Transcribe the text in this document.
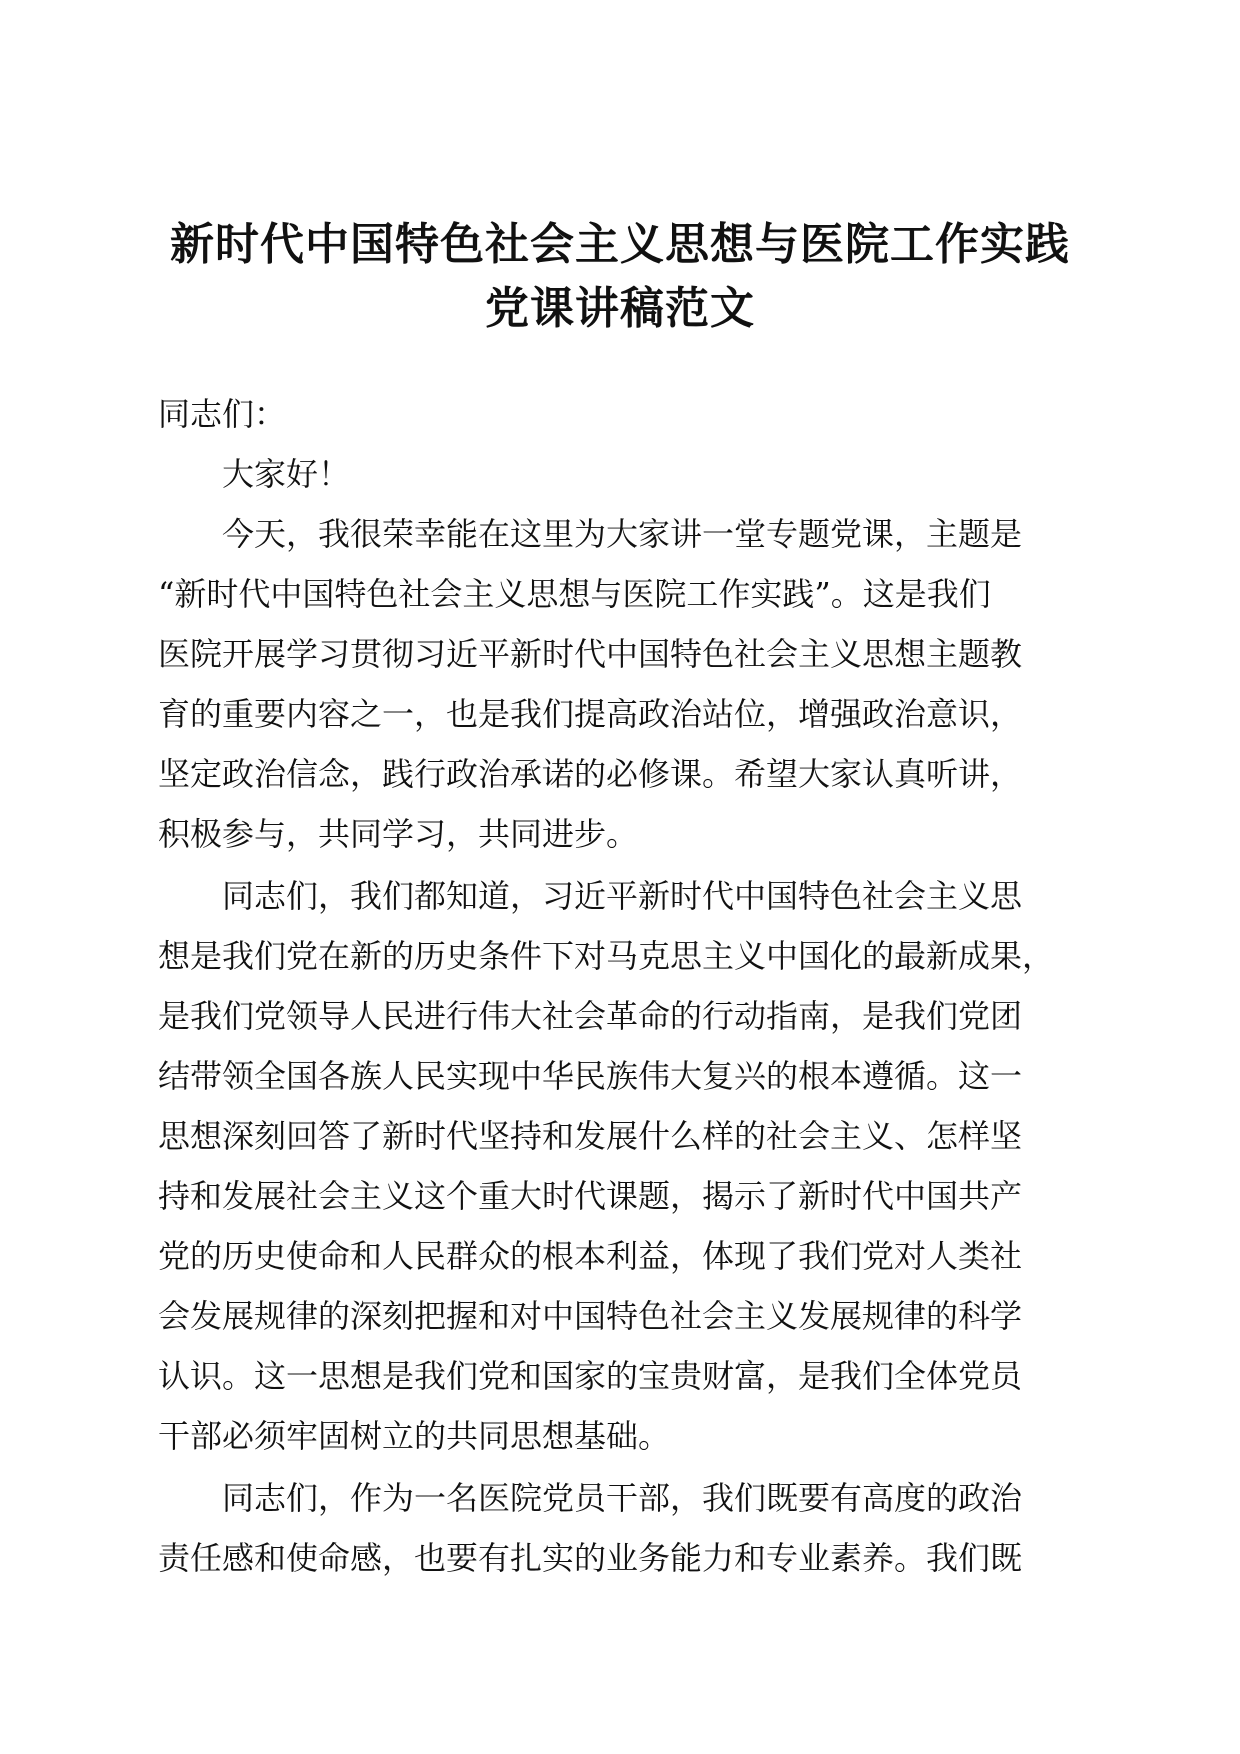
新时代中国特色社会主义思想与医院工作实践
党课讲稿范文

同志们：

大家好！
今天，我很荣幸能在这里为大家讲一堂专题党课，主题是
“新时代中国特色社会主义思想与医院工作实践”。这是我们
医院开展学习贯彻习近平新时代中国特色社会主义思想主题教
育的重要内容之一，也是我们提高政治站位，增强政治意识，
坚定政治信念，践行政治承诺的必修课。希望大家认真听讲，
积极参与，共同学习，共同进步。
同志们，我们都知道，习近平新时代中国特色社会主义思
想是我们党在新的历史条件下对马克思主义中国化的最新成果，
是我们党领导人民进行伟大社会革命的行动指南，是我们党团
结带领全国各族人民实现中华民族伟大复兴的根本遵循。这一
思想深刻回答了新时代坚持和发展什么样的社会主义、怎样坚
持和发展社会主义这个重大时代课题，揭示了新时代中国共产
党的历史使命和人民群众的根本利益，体现了我们党对人类社
会发展规律的深刻把握和对中国特色社会主义发展规律的科学
认识。这一思想是我们党和国家的宝贵财富，是我们全体党员
干部必须牢固树立的共同思想基础。
同志们，作为一名医院党员干部，我们既要有高度的政治
责任感和使命感，也要有扎实的业务能力和专业素养。我们既
